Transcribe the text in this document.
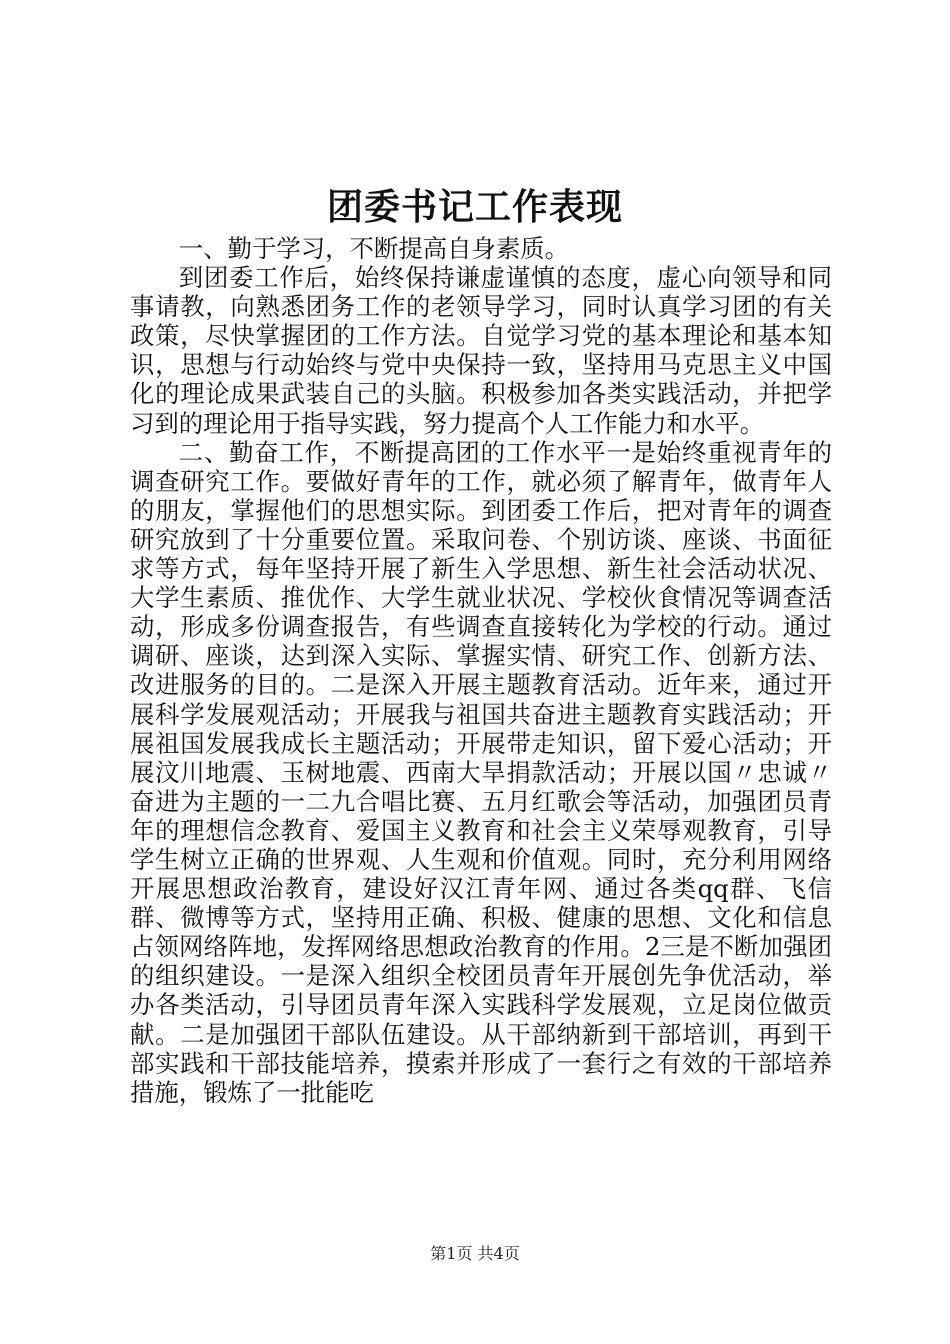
团委书记工作表现

一、勤于学习，不断提高自身素质。

到团委工作后，始终保持谦虚谨慎的态度，虚心向领导和同事请教，向熟悉团务工作的老领导学习，同时认真学习团的有关政策，尽快掌握团的工作方法。自觉学习党的基本理论和基本知识，思想与行动始终与党中央保持一致，坚持用马克思主义中国化的理论成果武装自己的头脑。积极参加各类实践活动，并把学习到的理论用于指导实践，努力提高个人工作能力和水平。

二、勤奋工作，不断提高团的工作水平一是始终重视青年的调查研究工作。要做好青年的工作，就必须了解青年，做青年人的朋友，掌握他们的思想实际。到团委工作后，把对青年的调查研究放到了十分重要位置。采取问卷、个别访谈、座谈、书面征求等方式，每年坚持开展了新生入学思想、新生社会活动状况、大学生素质、推优作、大学生就业状况、学校伙食情况等调查活动，形成多份调查报告，有些调查直接转化为学校的行动。通过调研、座谈，达到深入实际、掌握实情、研究工作、创新方法、改进服务的目的。二是深入开展主题教育活动。近年来，通过开展科学发展观活动；开展我与祖国共奋进主题教育实践活动；开展祖国发展我成长主题活动；开展带走知识，留下爱心活动；开展汶川地震、玉树地震、西南大旱捐款活动；开展以国〃忠诚〃奋进为主题的一二九合唱比赛、五月红歌会等活动，加强团员青年的理想信念教育、爱国主义教育和社会主义荣辱观教育，引导学生树立正确的世界观、人生观和价值观。同时，充分利用网络开展思想政治教育，建设好汉江青年网、通过各类qq群、飞信群、微博等方式，坚持用正确、积极、健康的思想、文化和信息占领网络阵地，发挥网络思想政治教育的作用。2三是不断加强团的组织建设。一是深入组织全校团员青年开展创先争优活动，举办各类活动，引导团员青年深入实践科学发展观，立足岗位做贡献。二是加强团干部队伍建设。从干部纳新到干部培训，再到干部实践和干部技能培养，摸索并形成了一套行之有效的干部培养措施，锻炼了一批能吃

第1页 共4页
